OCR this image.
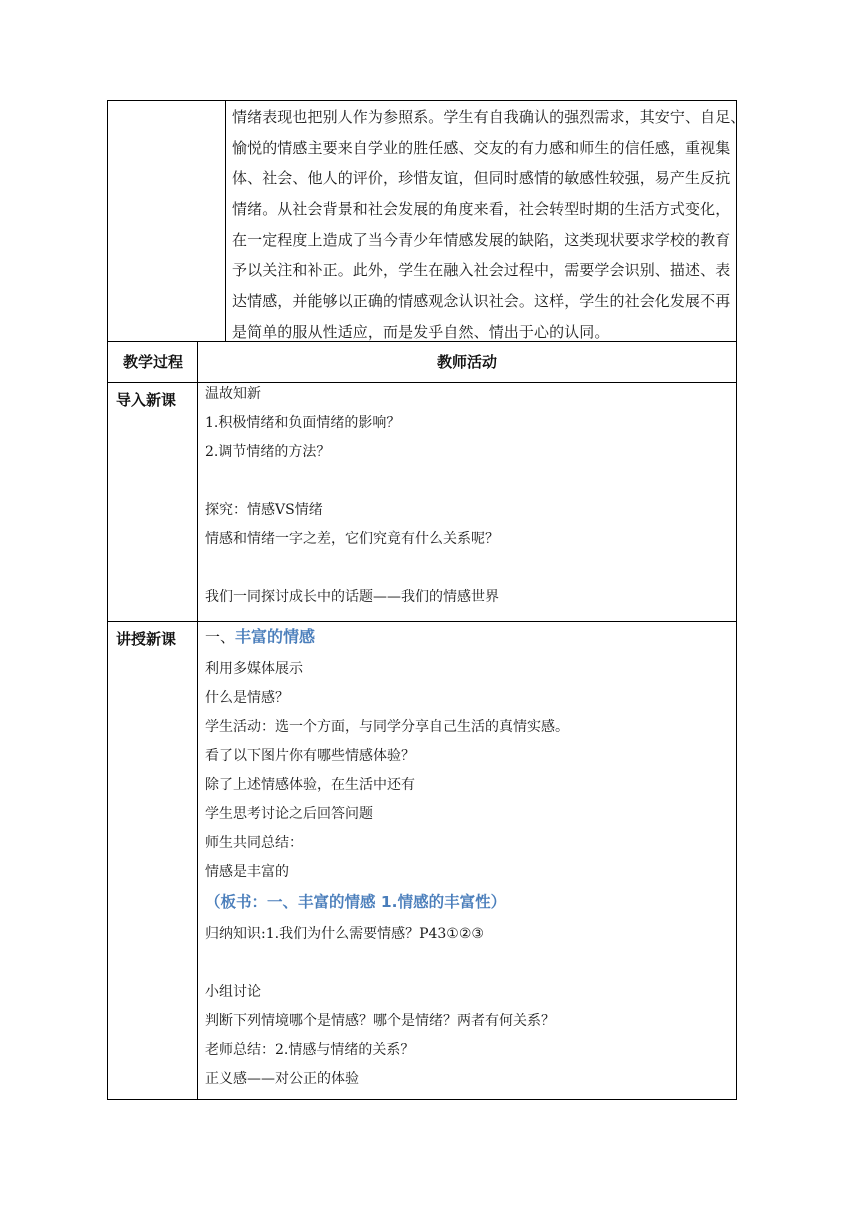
情绪表现也把别人作为参照系。学生有自我确认的强烈需求，其安宁、自足、
愉悦的情感主要来自学业的胜任感、交友的有力感和师生的信任感，重视集
体、社会、他人的评价，珍惜友谊，但同时感情的敏感性较强，易产生反抗
情绪。从社会背景和社会发展的角度来看，社会转型时期的生活方式变化，
在一定程度上造成了当今青少年情感发展的缺陷，这类现状要求学校的教育
予以关注和补正。此外，学生在融入社会过程中，需要学会识别、描述、表
达情感，并能够以正确的情感观念认识社会。这样，学生的社会化发展不再
是简单的服从性适应，而是发乎自然、情出于心的认同。
教学过程	教师活动
导入新课 温故知新
1.积极情绪和负面情绪的影响？
2.调节情绪的方法？
探究：情感VS情绪
情感和情绪一字之差，它们究竟有什么关系呢？
我们一同探讨成长中的话题——我们的情感世界
讲授新课 一、丰富的情感
利用多媒体展示
什么是情感？
学生活动：选一个方面，与同学分享自己生活的真情实感。
看了以下图片你有哪些情感体验？
除了上述情感体验，在生活中还有
学生思考讨论之后回答问题
师生共同总结：
情感是丰富的
（板书：一、丰富的情感 1.情感的丰富性）
归纳知识:1.我们为什么需要情感？P43①②③
小组讨论
判断下列情境哪个是情感？哪个是情绪？两者有何关系？
老师总结：2.情感与情绪的关系？
正义感——对公正的体验
